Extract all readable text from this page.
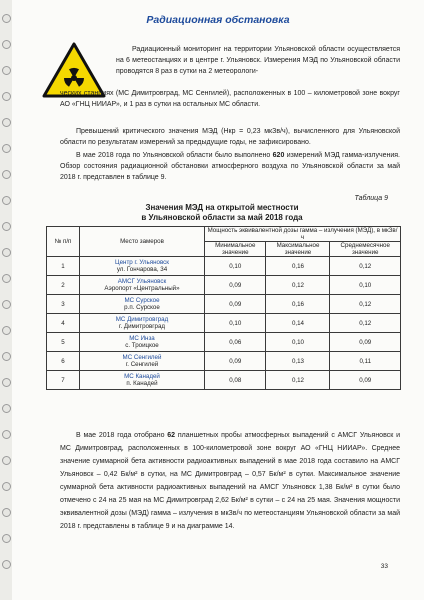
Радиационная обстановка
Радиационный мониторинг на территории Ульяновской области осуществляется на 6 метеостанциях и в центре г. Ульяновск. Измерения МЭД по Ульяновской области проводятся 8 раз в сутки на 2 метеорологи-
ческих станциях (МС Димитровград, МС Сенгилей), расположенных в 100 – километровой зоне вокруг АО «ГНЦ НИИАР», и 1 раз в сутки на остальных МС области.
Превышений критического значения МЭД (Нкр = 0,23 мкЗв/ч), вычисленного для Ульяновской области по результатам измерений за предыдущие годы, не зафиксировано.
В мае 2018 года по Ульяновской области было выполнено 620 измерений МЭД гамма-излучения. Обзор состояния радиационной обстановки атмосферного воздуха по Ульяновской области за май 2018 г. представлен в таблице 9.
Таблица 9
Значения МЭД на открытой местности
в Ульяновской области за май 2018 года
№ п/п	Место замеров	Мощность эквивалентной дозы гамма – излучения (МЭД), в мкЗв/ч		
		Минимальное значение	Максимальное значение	Среднемесячное значение
1	Центр г. Ульяновск
ул. Гончарова, 34	0,10	0,16	0,12
2	АМСГ Ульяновск
Аэропорт «Центральный»	0,09	0,12	0,10
3	МС Сурское
р.п. Сурское	0,09	0,16	0,12
4	МС Димитровград
г. Димитровград	0,10	0,14	0,12
5	МС Инза
с. Троицкое	0,06	0,10	0,09
6	МС Сенгилей
г. Сенгилей	0,09	0,13	0,11
7	МС Канадей
п. Канадей	0,08	0,12	0,09
В мае 2018 года отобрано 62 планшетных пробы атмосферных выпадений с АМСГ Ульяновск и МС Димитровград, расположенных в 100-километровой зоне вокруг АО «ГНЦ НИИАР». Среднее значение суммарной бета активности радиоактивных выпадений в мае 2018 года составило на АМСГ Ульяновск – 0,42 Бк/м² в сутки, на МС Димитровград – 0,57 Бк/м² в сутки. Максимальное значение суммарной бета активности радиоактивных выпадений на АМСГ Ульяновск 1,38 Бк/м² в сутки было отмечено с 24 на 25 мая на МС Димитровград 2,62 Бк/м² в сутки – с 24 на 25 мая. Значения мощности эквивалентной дозы (МЭД) гамма – излучения в мкЗв/ч по метеостанциям Ульяновской области за май 2018 г. представлены в таблице 9 и на диаграмме 14.
33
